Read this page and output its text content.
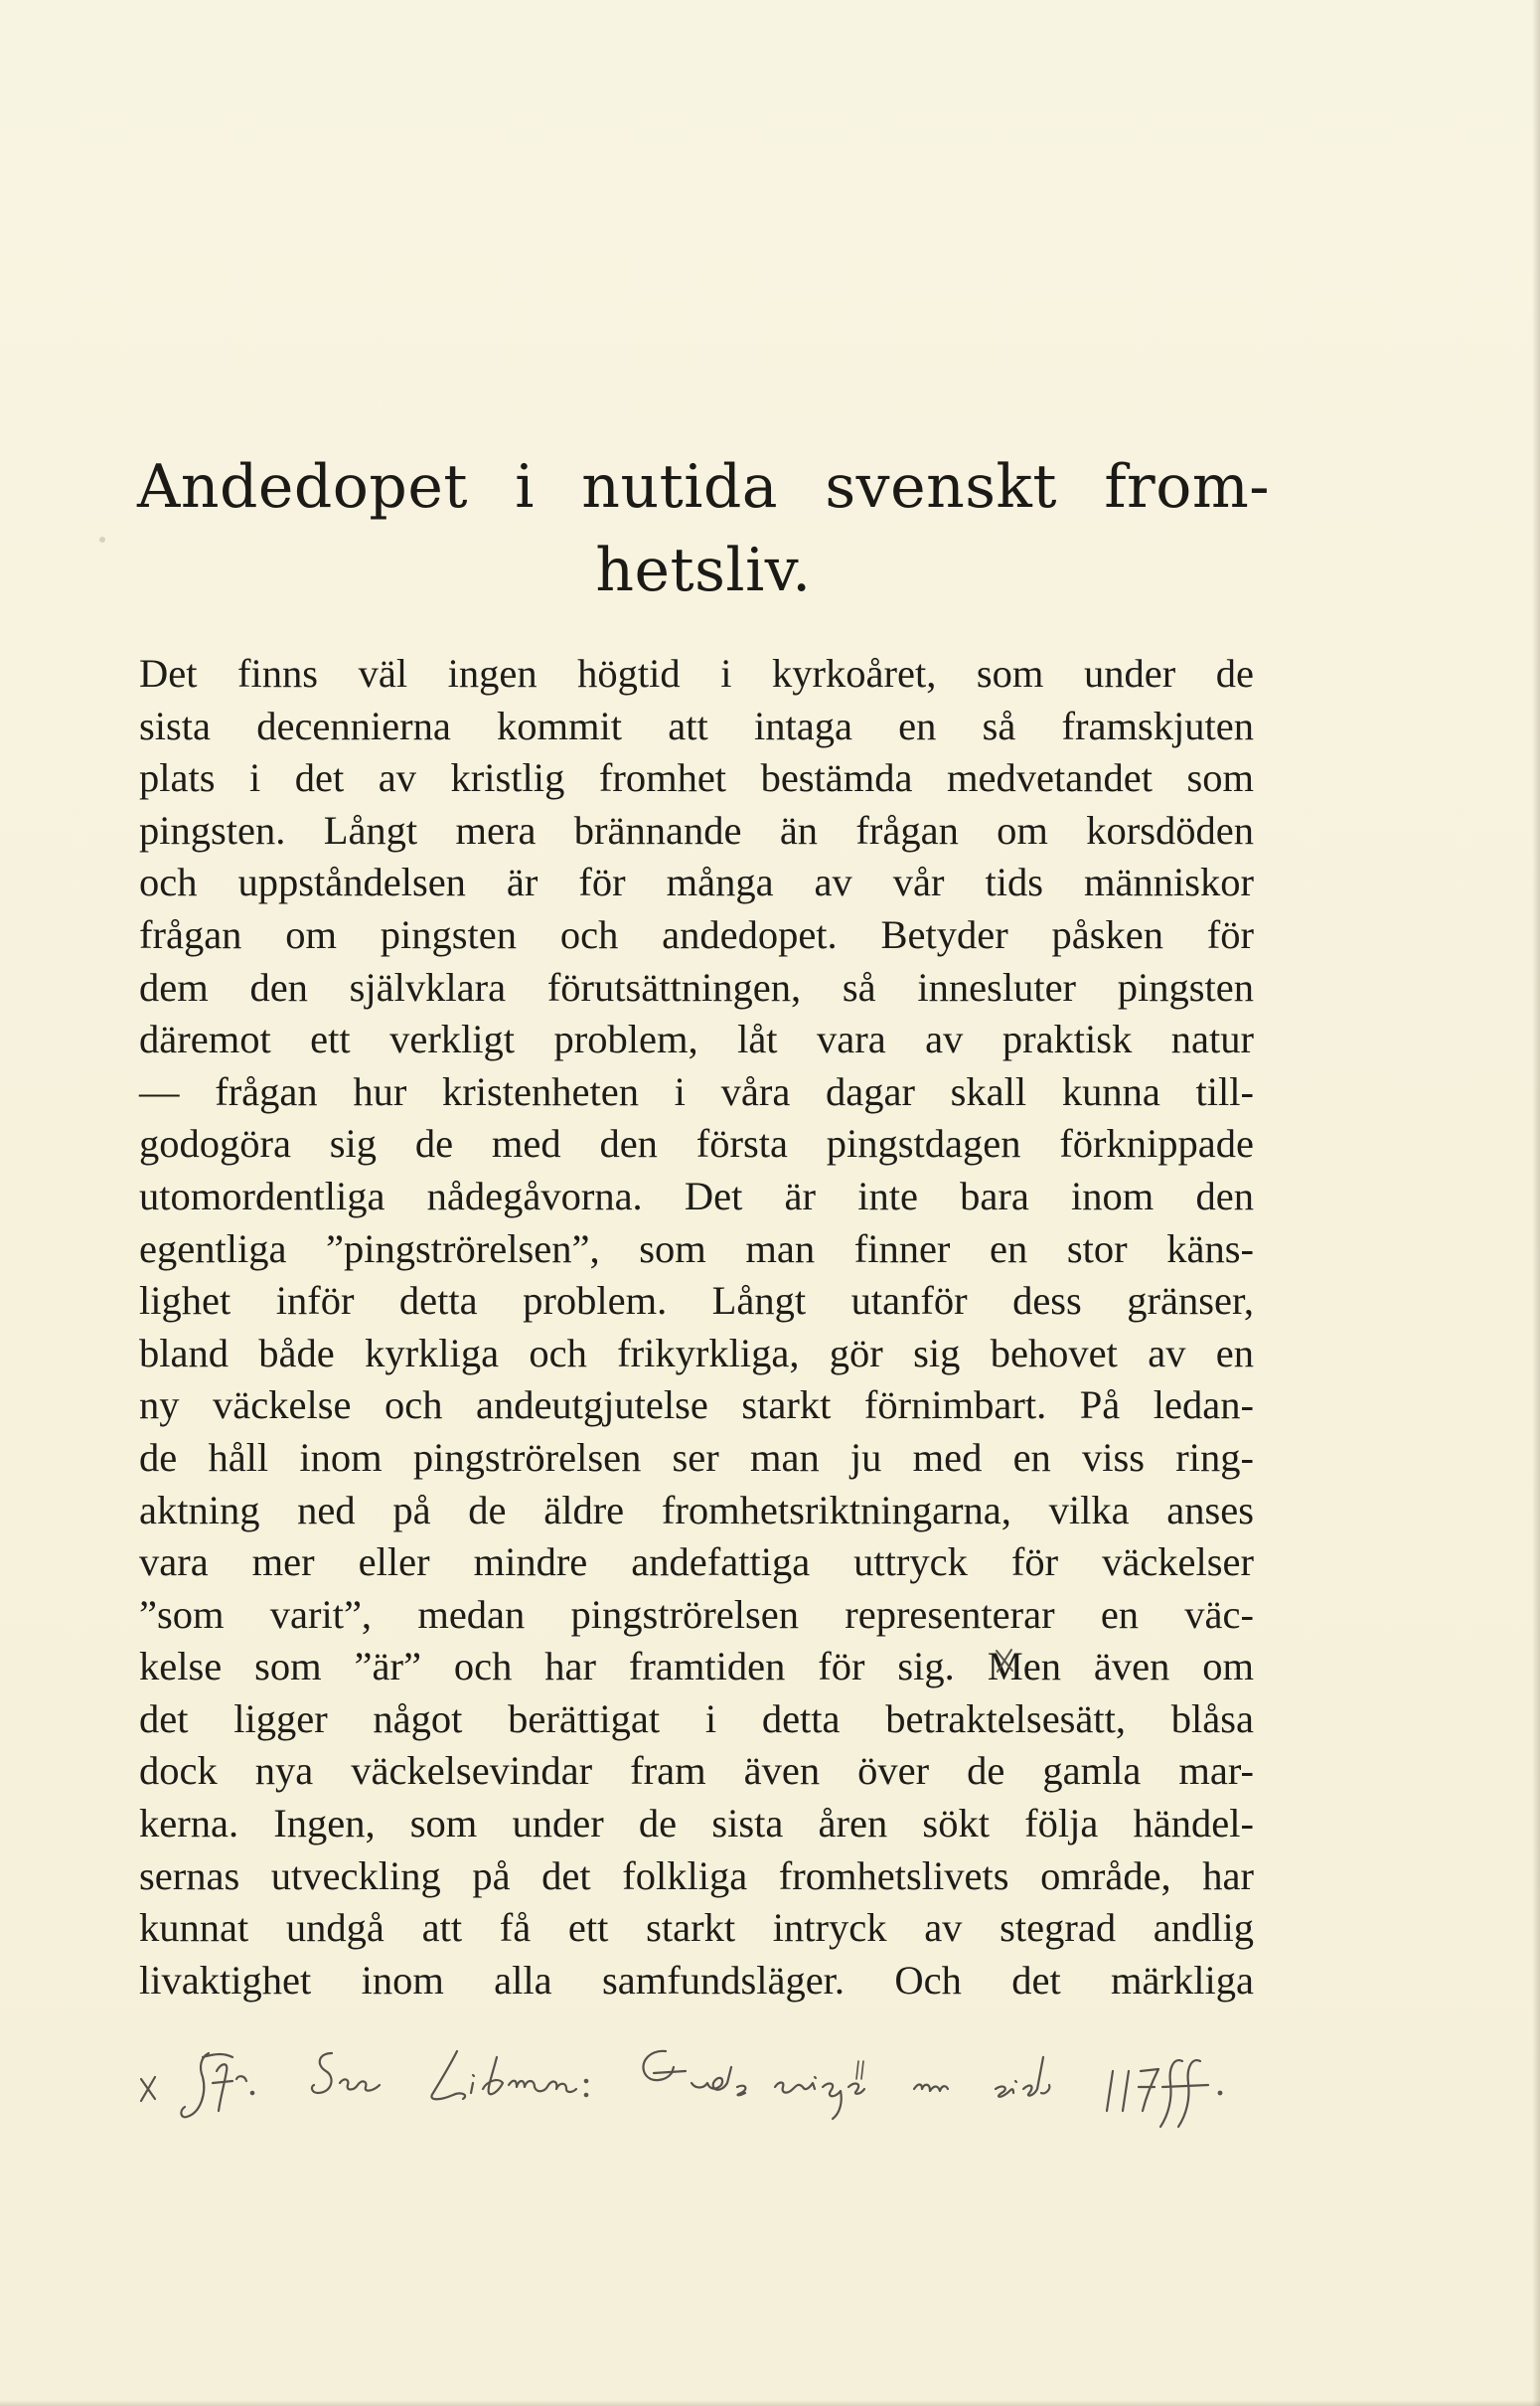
Andedopet i nutida svenskt from-
hetsliv.
Det finns väl ingen högtid i kyrkoåret, som under de
sista decennierna kommit att intaga en så framskjuten
plats i det av kristlig fromhet bestämda medvetandet som
pingsten. Långt mera brännande än frågan om korsdöden
och uppståndelsen är för många av vår tids människor
frågan om pingsten och andedopet. Betyder påsken för
dem den självklara förutsättningen, så innesluter pingsten
däremot ett verkligt problem, låt vara av praktisk natur
— frågan hur kristenheten i våra dagar skall kunna till-
godogöra sig de med den första pingstdagen förknippade
utomordentliga nådegåvorna. Det är inte bara inom den
egentliga ”pingströrelsen”, som man finner en stor käns-
lighet inför detta problem. Långt utanför dess gränser,
bland både kyrkliga och frikyrkliga, gör sig behovet av en
ny väckelse och andeutgjutelse starkt förnimbart. På ledan-
de håll inom pingströrelsen ser man ju med en viss ring-
aktning ned på de äldre fromhetsriktningarna, vilka anses
vara mer eller mindre andefattiga uttryck för väckelser
”som varit”, medan pingströrelsen representerar en väc-
kelse som ”är” och har framtiden för sig. Men även om
det ligger något berättigat i detta betraktelsesätt, blåsa
dock nya väckelsevindar fram även över de gamla mar-
kerna. Ingen, som under de sista åren sökt följa händel-
sernas utveckling på det folkliga fromhetslivets område, har
kunnat undgå att få ett starkt intryck av stegrad andlig
livaktighet inom alla samfundsläger. Och det märkliga
